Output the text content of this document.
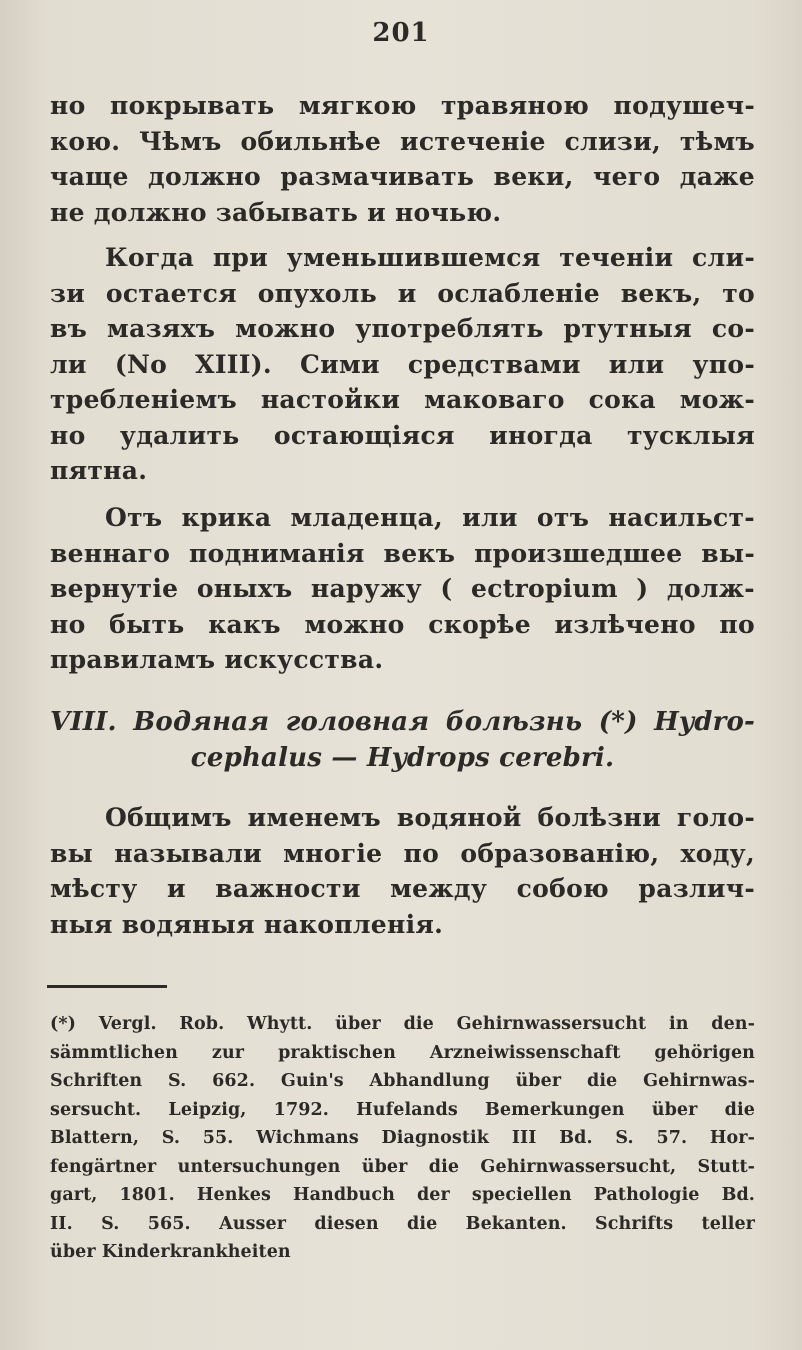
201
но покрывать мягкою травяною подушеч-
кою. Чѣмъ обильнѣе истеченіе слизи, тѣмъ
чаще должно размачивать веки, чего даже
не должно забывать и ночью.
Когда при уменьшившемся теченіи сли-
зи остается опухоль и ослабленіе векъ, то
въ мазяхъ можно употреблять ртутныя со-
ли (No XIII). Сими средствами или упо-
требленіемъ настойки маковаго сока мож-
но удалить остающіяся иногда тусклыя
пятна.
Отъ крика младенца, или отъ насильст-
веннаго подниманія векъ произшедшее вы-
вернутіе оныхъ наружу ( ectropium ) долж-
но быть какъ можно скорѣе излѣчено по
правиламъ искусства.
VIII. Водяная головная болѣзнь (*) Hydro-
cephalus — Hydrops cerebri.
Общимъ именемъ водяной болѣзни голо-
вы называли многіе по образованію, ходу,
мѣсту и важности между собою различ-
ныя водяныя накопленія.
(*) Vergl. Rob. Whytt. über die Gehirnwassersucht in den-
sämmtlichen zur praktischen Arzneiwissenschaft gehörigen
Schriften S. 662. Guin's Abhandlung über die Gehirnwas-
sersucht. Leipzig, 1792. Hufelands Bemerkungen über die
Blattern, S. 55. Wichmans Diagnostik III Bd. S. 57. Hor-
fengärtner untersuchungen über die Gehirnwassersucht, Stutt-
gart, 1801. Henkes Handbuch der speciellen Pathologie Bd.
II. S. 565. Ausser diesen die Bekanten. Schrifts teller
über Kinderkrankheiten
